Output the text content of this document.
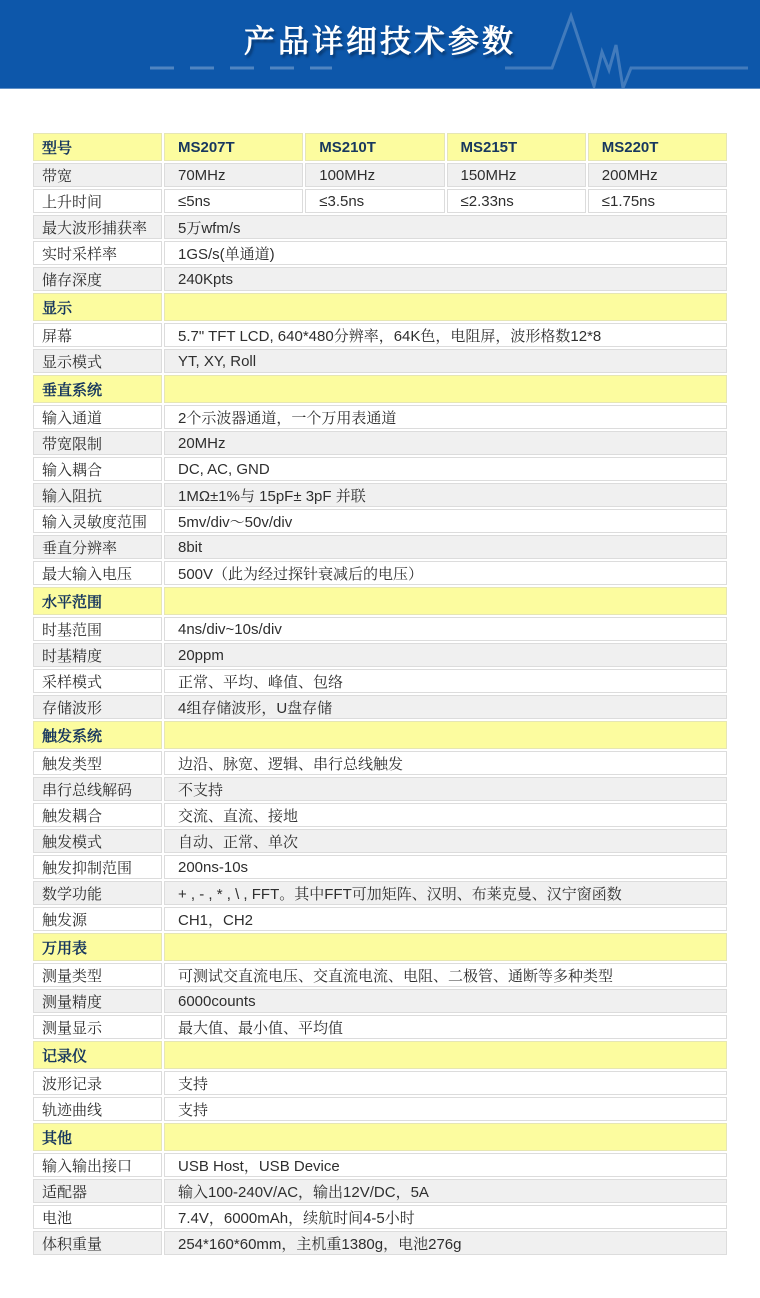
产品详细技术参数
型号	MS207T	MS210T	MS215T	MS220T
带宽	70MHz	100MHz	150MHz	200MHz
上升时间	≤5ns	≤3.5ns	≤2.33ns	≤1.75ns
最大波形捕获率	5万wfm/s
实时采样率	1GS/s(单通道)
储存深度	240Kpts
显示
屏幕	5.7" TFT LCD, 640*480分辨率，64K色，电阻屏，波形格数12*8
显示模式	YT, XY, Roll
垂直系统
输入通道	2个示波器通道，一个万用表通道
带宽限制	20MHz
输入耦合	DC, AC, GND
输入阻抗	1MΩ±1%与 15pF± 3pF 并联
输入灵敏度范围	5mv/div～50v/div
垂直分辨率	8bit
最大输入电压	500V（此为经过探针衰减后的电压）
水平范围
时基范围	4ns/div~10s/div
时基精度	20ppm
采样模式	正常、平均、峰值、包络
存储波形	4组存储波形，U盘存储
触发系统
触发类型	边沿、脉宽、逻辑、串行总线触发
串行总线解码	不支持
触发耦合	交流、直流、接地
触发模式	自动、正常、单次
触发抑制范围	200ns-10s
数学功能	+ , - , * , \ , FFT。其中FFT可加矩阵、汉明、布莱克曼、汉宁窗函数
触发源	CH1，CH2
万用表
测量类型	可测试交直流电压、交直流电流、电阻、二极管、通断等多种类型
测量精度	6000counts
测量显示	最大值、最小值、平均值
记录仪
波形记录	支持
轨迹曲线	支持
其他
输入输出接口	USB Host，USB Device
适配器	输入100-240V/AC，输出12V/DC，5A
电池	7.4V，6000mAh，续航时间4-5小时
体积重量	254*160*60mm，主机重1380g，电池276g
